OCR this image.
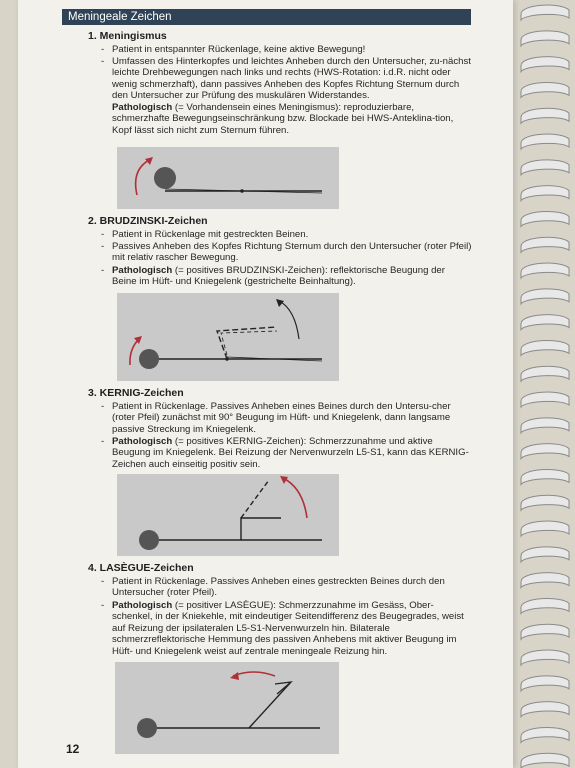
Meningeale Zeichen
1. Meningismus
- Patient in entspannter Rückenlage, keine aktive Bewegung!
- Umfassen des Hinterkopfes und leichtes Anheben durch den Untersucher, zu-nächst leichte Drehbewegungen nach links und rechts (HWS-Rotation: i.d.R. nicht oder wenig schmerzhaft), dann passives Anheben des Kopfes Richtung Sternum durch den Untersucher zur Prüfung des muskulären Widerstandes.
Pathologisch (= Vorhandensein eines Meningismus): reproduzierbare, schmerzhafte Bewegungseinschränkung bzw. Blockade bei HWS-Anteklina-tion, Kopf lässt sich nicht zum Sternum führen.
2. BRUDZINSKI-Zeichen
- Patient in Rückenlage mit gestreckten Beinen.
- Passives Anheben des Kopfes Richtung Sternum durch den Untersucher (roter Pfeil) mit relativ rascher Bewegung.
- Pathologisch (= positives BRUDZINSKI-Zeichen): reflektorische Beugung der Beine im Hüft- und Kniegelenk (gestrichelte Beinhaltung).
3. KERNIG-Zeichen
- Patient in Rückenlage. Passives Anheben eines Beines durch den Untersu-cher (roter Pfeil) zunächst mit 90° Beugung im Hüft- und Kniegelenk, dann langsame passive Streckung im Kniegelenk.
- Pathologisch (= positives KERNIG-Zeichen): Schmerzzunahme und aktive Beugung im Kniegelenk. Bei Reizung der Nervenwurzeln L5-S1, kann das KERNIG-Zeichen auch einseitig positiv sein.
4. LASÈGUE-Zeichen
- Patient in Rückenlage. Passives Anheben eines gestreckten Beines durch den Untersucher (roter Pfeil).
- Pathologisch (= positiver LASÈGUE): Schmerzzunahme im Gesäss, Ober-schenkel, in der Kniekehle, mit eindeutiger Seitendifferenz des Beugegrades, weist auf Reizung der ipsilateralen L5-S1-Nervenwurzeln hin. Bilaterale schmerzreflektorische Hemmung des passiven Anhebens mit aktiver Beugung im Hüft- und Kniegelenk weist auf zentrale meningeale Reizung hin.
12
